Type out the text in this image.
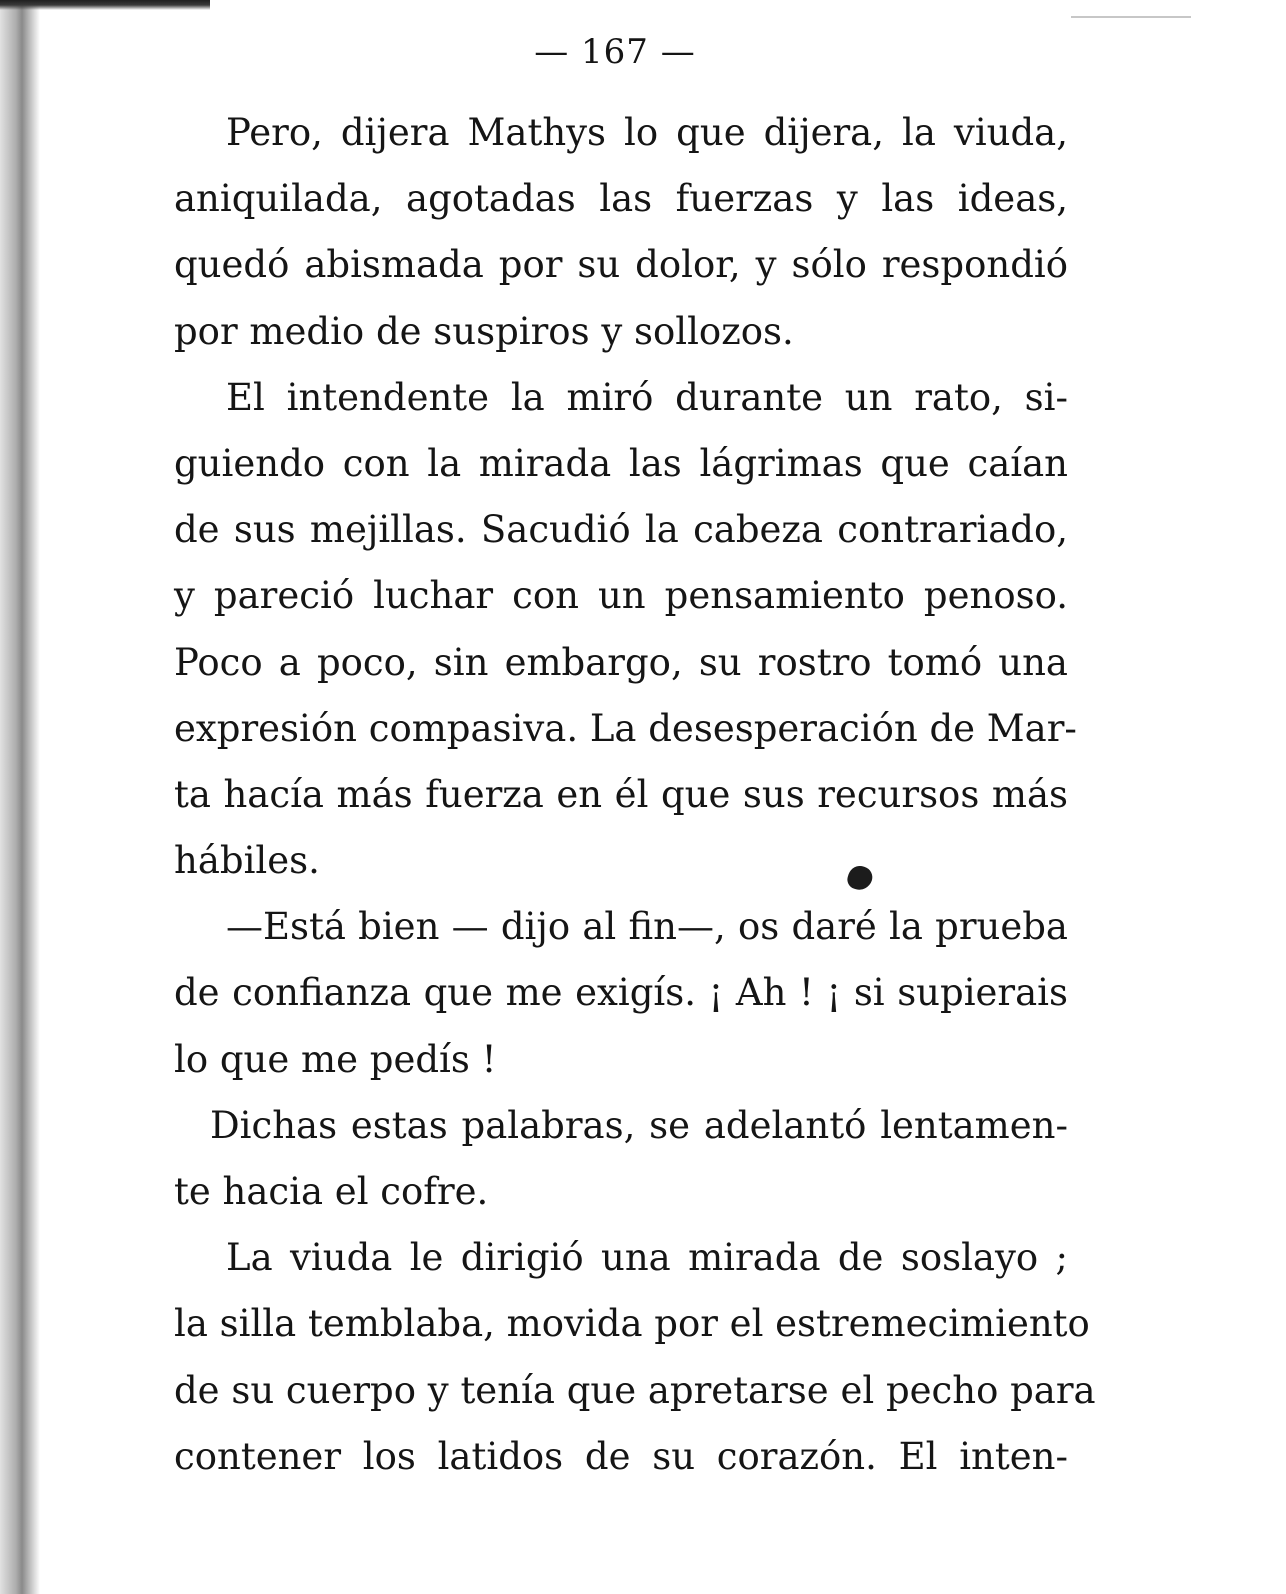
— 167 —
Pero, dijera Mathys lo que dijera, la viuda,
aniquilada, agotadas las fuerzas y las ideas,
quedó abismada por su dolor, y sólo respondió
por medio de suspiros y sollozos.
El intendente la miró durante un rato, si-
guiendo con la mirada las lágrimas que caían
de sus mejillas. Sacudió la cabeza contrariado,
y pareció luchar con un pensamiento penoso.
Poco a poco, sin embargo, su rostro tomó una
expresión compasiva. La desesperación de Mar-
ta hacía más fuerza en él que sus recursos más
hábiles.
—Está bien — dijo al fin—, os daré la prueba
de confianza que me exigís. ¡ Ah ! ¡ si supierais
lo que me pedís !
Dichas estas palabras, se adelantó lentamen-
te hacia el cofre.
La viuda le dirigió una mirada de soslayo ;
la silla temblaba, movida por el estremecimiento
de su cuerpo y tenía que apretarse el pecho para
contener los latidos de su corazón. El inten-
